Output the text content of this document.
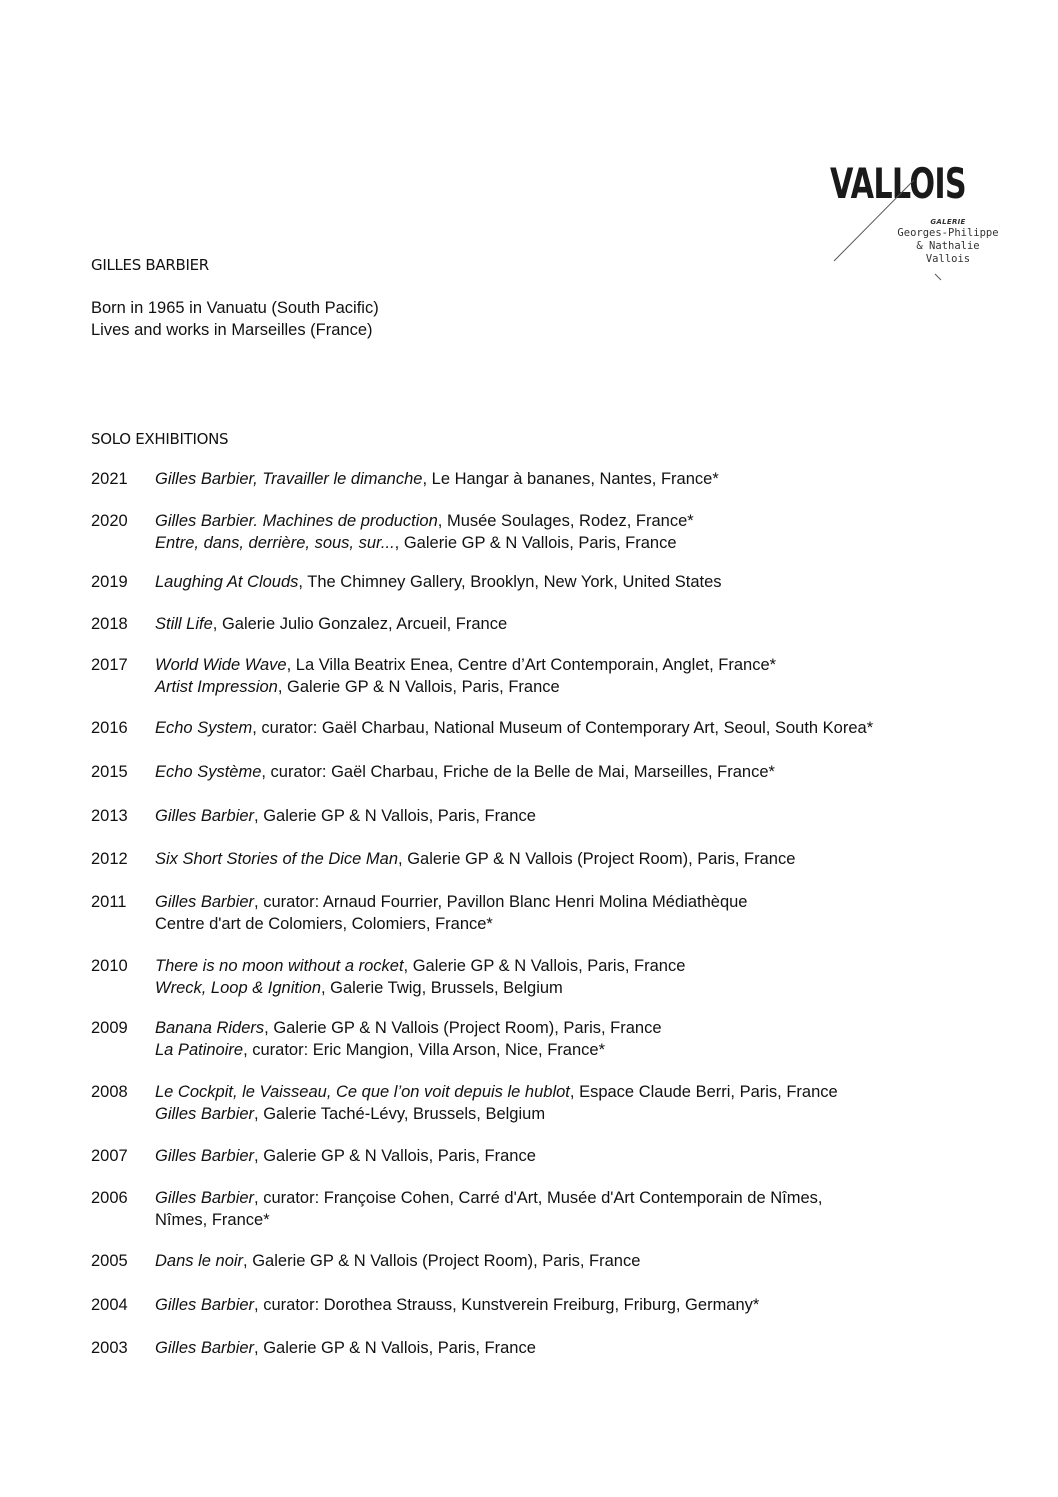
VALLOIS

GALERIE
Georges-Philippe
& Nathalie
Vallois
GILLES BARBIER
Born in 1965 in Vanuatu (South Pacific)
Lives and works in Marseilles (France)
SOLO EXHIBITIONS
2021	Gilles Barbier, Travailler le dimanche, Le Hangar à bananes, Nantes, France*
2020	Gilles Barbier. Machines de production, Musée Soulages, Rodez, France*
Entre, dans, derrière, sous, sur..., Galerie GP & N Vallois, Paris, France
2019	Laughing At Clouds, The Chimney Gallery, Brooklyn, New York, United States
2018	Still Life, Galerie Julio Gonzalez, Arcueil, France
2017	World Wide Wave, La Villa Beatrix Enea, Centre d’Art Contemporain, Anglet, France*
Artist Impression, Galerie GP & N Vallois, Paris, France
2016	Echo System, curator: Gaël Charbau, National Museum of Contemporary Art, Seoul, South Korea*
2015	Echo Système, curator: Gaël Charbau, Friche de la Belle de Mai, Marseilles, France*
2013	Gilles Barbier, Galerie GP & N Vallois, Paris, France
2012	Six Short Stories of the Dice Man, Galerie GP & N Vallois (Project Room), Paris, France
2011	Gilles Barbier, curator: Arnaud Fourrier, Pavillon Blanc Henri Molina Médiathèque
Centre d'art de Colomiers, Colomiers, France*
2010	There is no moon without a rocket, Galerie GP & N Vallois, Paris, France
Wreck, Loop & Ignition, Galerie Twig, Brussels, Belgium
2009	Banana Riders, Galerie GP & N Vallois (Project Room), Paris, France
La Patinoire, curator: Eric Mangion, Villa Arson, Nice, France*
2008	Le Cockpit, le Vaisseau, Ce que l’on voit depuis le hublot, Espace Claude Berri, Paris, France
Gilles Barbier, Galerie Taché-Lévy, Brussels, Belgium
2007	Gilles Barbier, Galerie GP & N Vallois, Paris, France
2006	Gilles Barbier, curator: Françoise Cohen, Carré d'Art, Musée d'Art Contemporain de Nîmes,
Nîmes, France*
2005	Dans le noir, Galerie GP & N Vallois (Project Room), Paris, France
2004	Gilles Barbier, curator: Dorothea Strauss, Kunstverein Freiburg, Friburg, Germany*
2003	Gilles Barbier, Galerie GP & N Vallois, Paris, France
